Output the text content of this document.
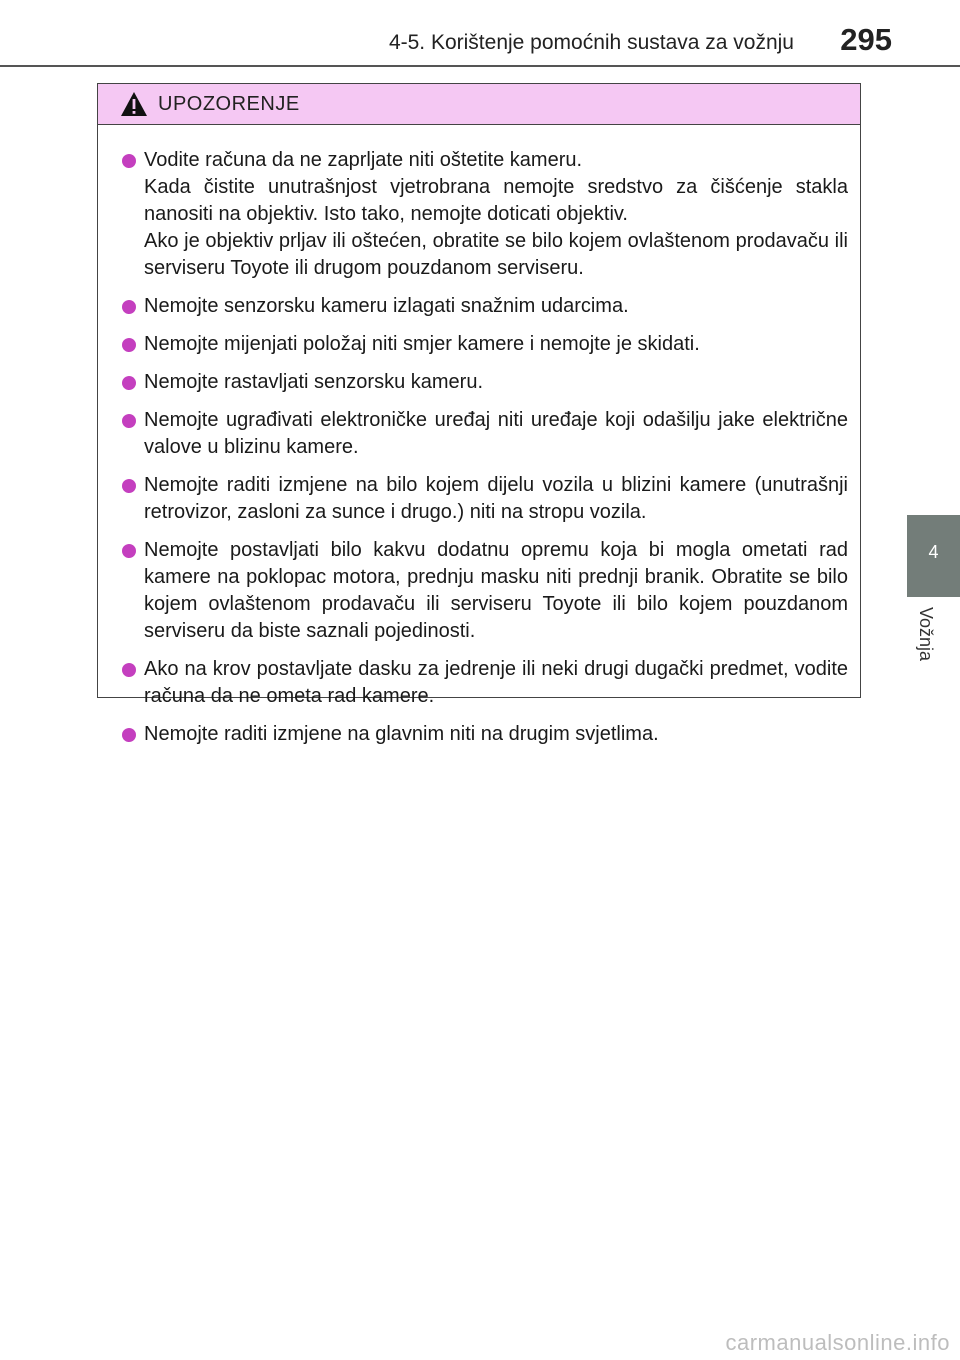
4-5. Korištenje pomoćnih sustava za vožnju 295
4
Vožnja
UPOZORENJE
Vodite računa da ne zaprljate niti oštetite kameru.
Kada čistite unutrašnjost vjetrobrana nemojte sredstvo za čišćenje stakla nanositi na objektiv. Isto tako, nemojte doticati objektiv.
Ako je objektiv prljav ili oštećen, obratite se bilo kojem ovlaštenom prodavaču ili serviseru Toyote ili drugom pouzdanom serviseru.
Nemojte senzorsku kameru izlagati snažnim udarcima.
Nemojte mijenjati položaj niti smjer kamere i nemojte je skidati.
Nemojte rastavljati senzorsku kameru.
Nemojte ugrađivati elektroničke uređaj niti uređaje koji odašilju jake električne valove u blizinu kamere.
Nemojte raditi izmjene na bilo kojem dijelu vozila u blizini kamere (unutrašnji retrovizor, zasloni za sunce i drugo.) niti na stropu vozila.
Nemojte postavljati bilo kakvu dodatnu opremu koja bi mogla ometati rad kamere na poklopac motora, prednju masku niti prednji branik. Obratite se bilo kojem ovlaštenom prodavaču ili serviseru Toyote ili bilo kojem pouzdanom serviseru da biste saznali pojedinosti.
Ako na krov postavljate dasku za jedrenje ili neki drugi dugački predmet, vodite računa da ne ometa rad kamere.
Nemojte raditi izmjene na glavnim niti na drugim svjetlima.
carmanualsonline.info
